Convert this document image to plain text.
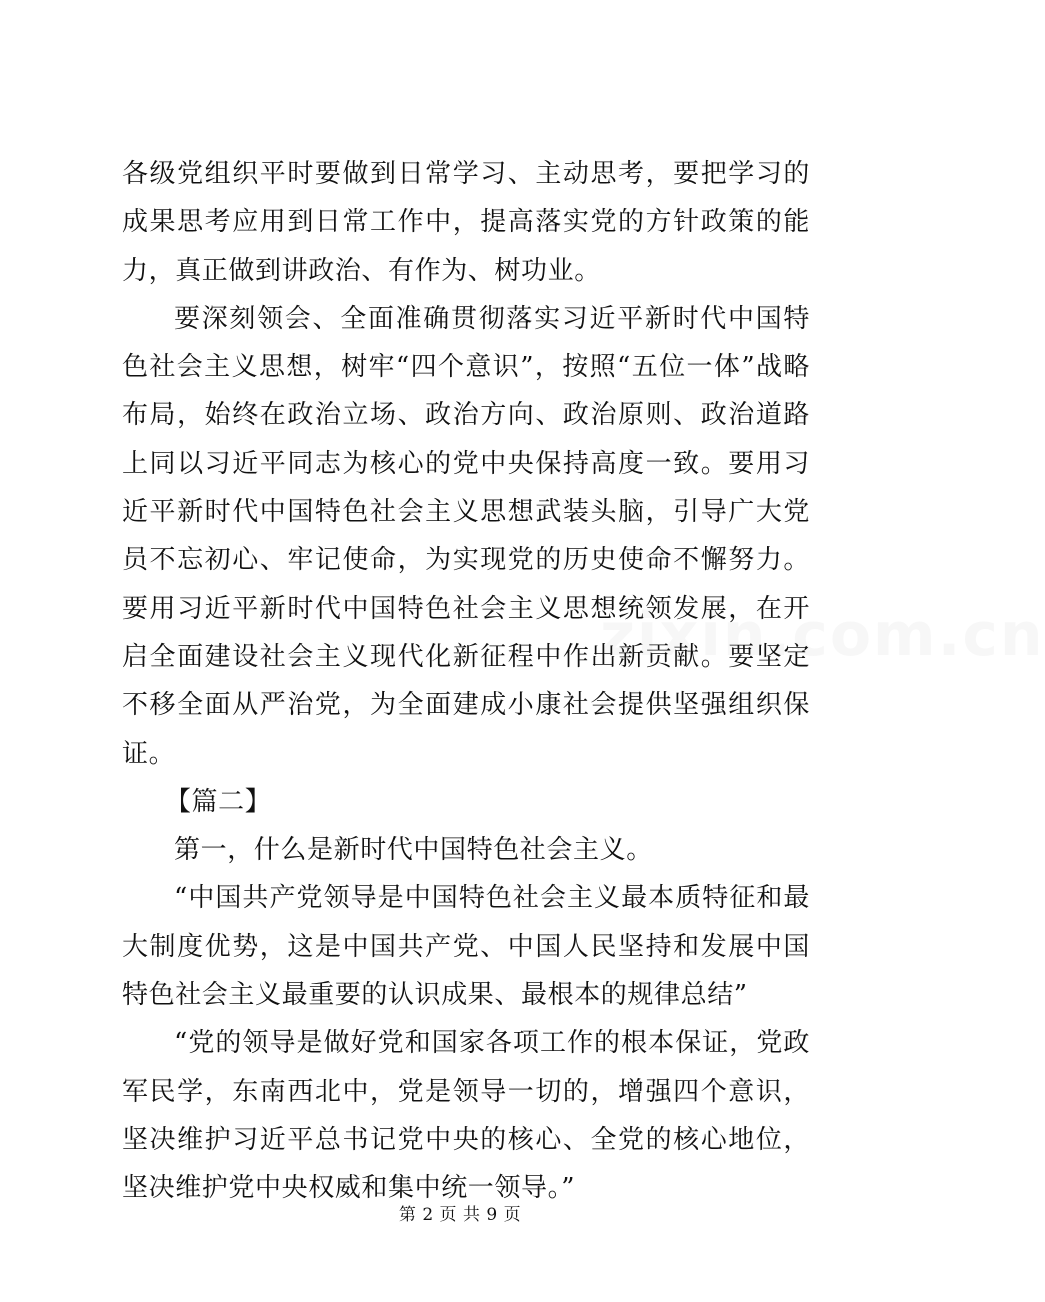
zixin.com.cn

各级党组织平时要做到日常学习、主动思考，要把学习的成果思考应用到日常工作中，提高落实党的方针政策的能力，真正做到讲政治、有作为、树功业。

要深刻领会、全面准确贯彻落实习近平新时代中国特色社会主义思想，树牢“四个意识”，按照“五位一体”战略布局，始终在政治立场、政治方向、政治原则、政治道路上同以习近平同志为核心的党中央保持高度一致。要用习近平新时代中国特色社会主义思想武装头脑，引导广大党员不忘初心、牢记使命，为实现党的历史使命不懈努力。要用习近平新时代中国特色社会主义思想统领发展，在开启全面建设社会主义现代化新征程中作出新贡献。要坚定不移全面从严治党，为全面建成小康社会提供坚强组织保证。

【篇二】

第一，什么是新时代中国特色社会主义。

“中国共产党领导是中国特色社会主义最本质特征和最大制度优势，这是中国共产党、中国人民坚持和发展中国特色社会主义最重要的认识成果、最根本的规律总结”

“党的领导是做好党和国家各项工作的根本保证，党政军民学，东南西北中，党是领导一切的，增强四个意识，坚决维护习近平总书记党中央的核心、全党的核心地位，坚决维护党中央权威和集中统一领导。”

第 2 页 共 9 页
